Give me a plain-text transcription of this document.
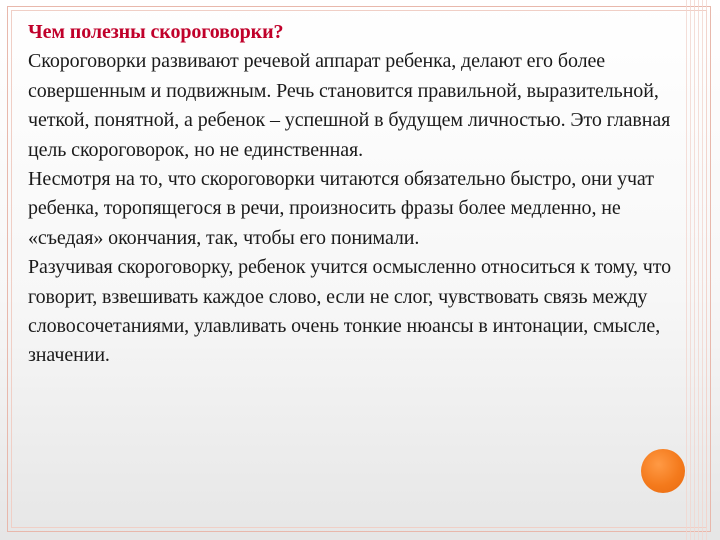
Чем полезны скороговорки?
Скороговорки развивают речевой аппарат ребенка, делают его более совершенным и подвижным. Речь становится правильной, выразительной, четкой, понятной, а ребенок – успешной в будущем личностью. Это главная цель скороговорок, но не единственная.
Несмотря на то, что скороговорки читаются обязательно быстро, они учат ребенка, торопящегося в речи, произносить фразы более медленно, не «съедая» окончания, так, чтобы его понимали.
Разучивая скороговорку, ребенок учится осмысленно относиться к тому, что говорит, взвешивать каждое слово, если не слог, чувствовать связь между словосочетаниями, улавливать очень тонкие нюансы в интонации, смысле, значении.
